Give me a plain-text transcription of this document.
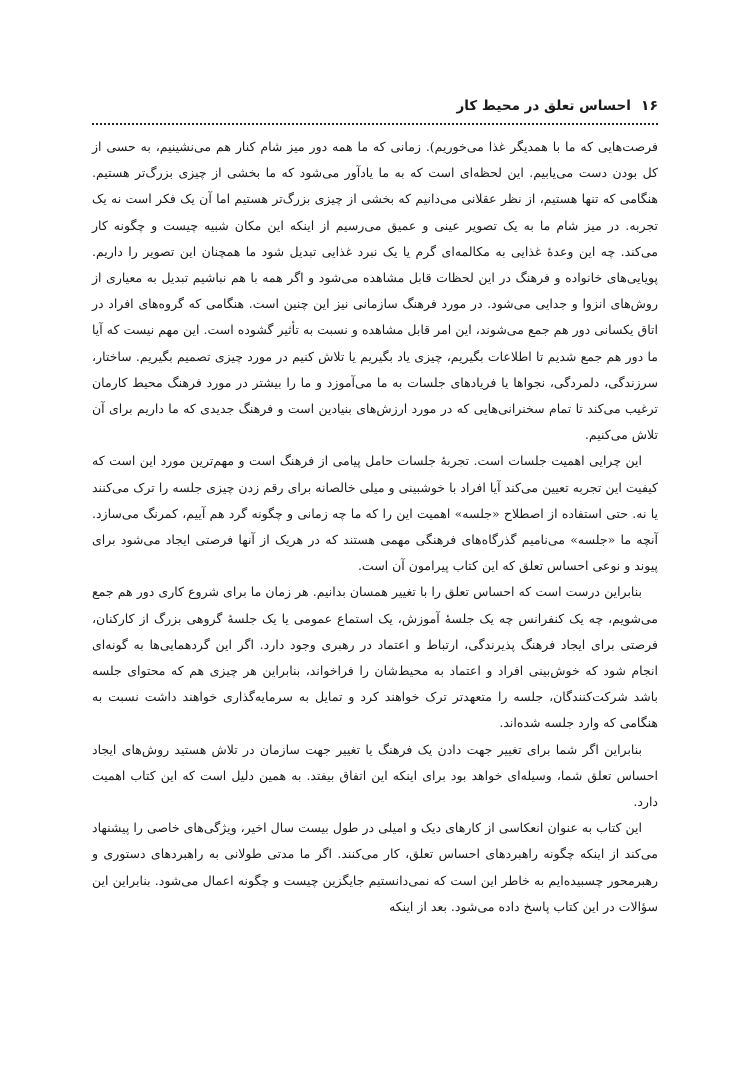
۱۶
احساس تعلق در محیط کار

فرصت‌هایی که ما با همدیگر غذا می‌خوریم). زمانی که ما همه دور میز شام کنار هم می‌نشینیم، به حسی از کل بودن دست می‌یابیم. این لحظه‌ای است که به ما یادآور می‌شود که ما بخشی از چیزی بزرگ‌تر هستیم. هنگامی که تنها هستیم، از نظر عقلانی می‌دانیم که بخشی از چیزی بزرگ‌تر هستیم اما آن یک فکر است نه یک تجربه. در میز شام ما به یک تصویر عینی و عمیق می‌رسیم از اینکه این مکان شبیه چیست و چگونه کار می‌کند. چه این وعدهٔ غذایی به مکالمه‌ای گرم یا یک نبرد غذایی تبدیل شود ما همچنان این تصویر را داریم. پویایی‌های خانواده و فرهنگ در این لحظات قابل مشاهده می‌شود و اگر همه با هم نباشیم تبدیل به معیاری از روش‌های انزوا و جدایی می‌شود. در مورد فرهنگ سازمانی نیز این چنین است. هنگامی که گروه‌های افراد در اتاق یکسانی دور هم جمع می‌شوند، این امر قابل مشاهده و نسبت به تأثیر گشوده است. این مهم نیست که آیا ما دور هم جمع شدیم تا اطلاعات بگیریم، چیزی یاد بگیریم یا تلاش کنیم در مورد چیزی تصمیم بگیریم. ساختار، سرزندگی، دلمردگی، نجواها یا فریادهای جلسات به ما می‌آموزد و ما را بیشتر در مورد فرهنگ محیط کارمان ترغیب می‌کند تا تمام سخنرانی‌هایی که در مورد ارزش‌های بنیادین است و فرهنگ جدیدی که ما داریم برای آن تلاش می‌کنیم.

این چرایی اهمیت جلسات است. تجربهٔ جلسات حامل پیامی از فرهنگ است و مهم‌ترین مورد این است که کیفیت این تجربه تعیین می‌کند آیا افراد با خوشبینی و میلی خالصانه برای رقم زدن چیزی جلسه را ترک می‌کنند یا نه. حتی استفاده از اصطلاح «جلسه» اهمیت این را که ما چه زمانی و چگونه گرد هم آییم، کمرنگ می‌سازد. آنچه ما «جلسه» می‌نامیم گذرگاه‌های فرهنگی مهمی هستند که در هریک از آنها فرصتی ایجاد می‌شود برای پیوند و نوعی احساس تعلق که این کتاب پیرامون آن است.

بنابراین درست است که احساس تعلق را با تغییر همسان بدانیم. هر زمان ما برای شروع کاری دور هم جمع می‌شویم، چه یک کنفرانس چه یک جلسهٔ آموزش، یک استماع عمومی یا یک جلسهٔ گروهی بزرگ از کارکنان، فرصتی برای ایجاد فرهنگ پذیرندگی، ارتباط و اعتماد در رهبری وجود دارد. اگر این گردهمایی‌ها به گونه‌ای انجام شود که خوش‌بینی افراد و اعتماد به محیط‌شان را فراخواند، بنابراین هر چیزی هم که محتوای جلسه باشد شرکت‌کنندگان، جلسه را متعهدتر ترک خواهند کرد و تمایل به سرمایه‌گذاری خواهند داشت نسبت به هنگامی که وارد جلسه شده‌اند.

بنابراین اگر شما برای تغییر جهت دادن یک فرهنگ یا تغییر جهت سازمان در تلاش هستید روش‌های ایجاد احساس تعلق شما، وسیله‌ای خواهد بود برای اینکه این اتفاق بیفتد. به همین دلیل است که این کتاب اهمیت دارد.

این کتاب به عنوان انعکاسی از کارهای دیک و امیلی در طول بیست سال اخیر، ویژگی‌های خاصی را پیشنهاد می‌کند از اینکه چگونه راهبردهای احساس تعلق، کار می‌کنند. اگر ما مدتی طولانی به راهبردهای دستوری و رهبرمحور چسبیده‌ایم به خاطر این است که نمی‌دانستیم جایگزین چیست و چگونه اعمال می‌شود. بنابراین این سؤالات در این کتاب پاسخ داده می‌شود. بعد از اینکه
